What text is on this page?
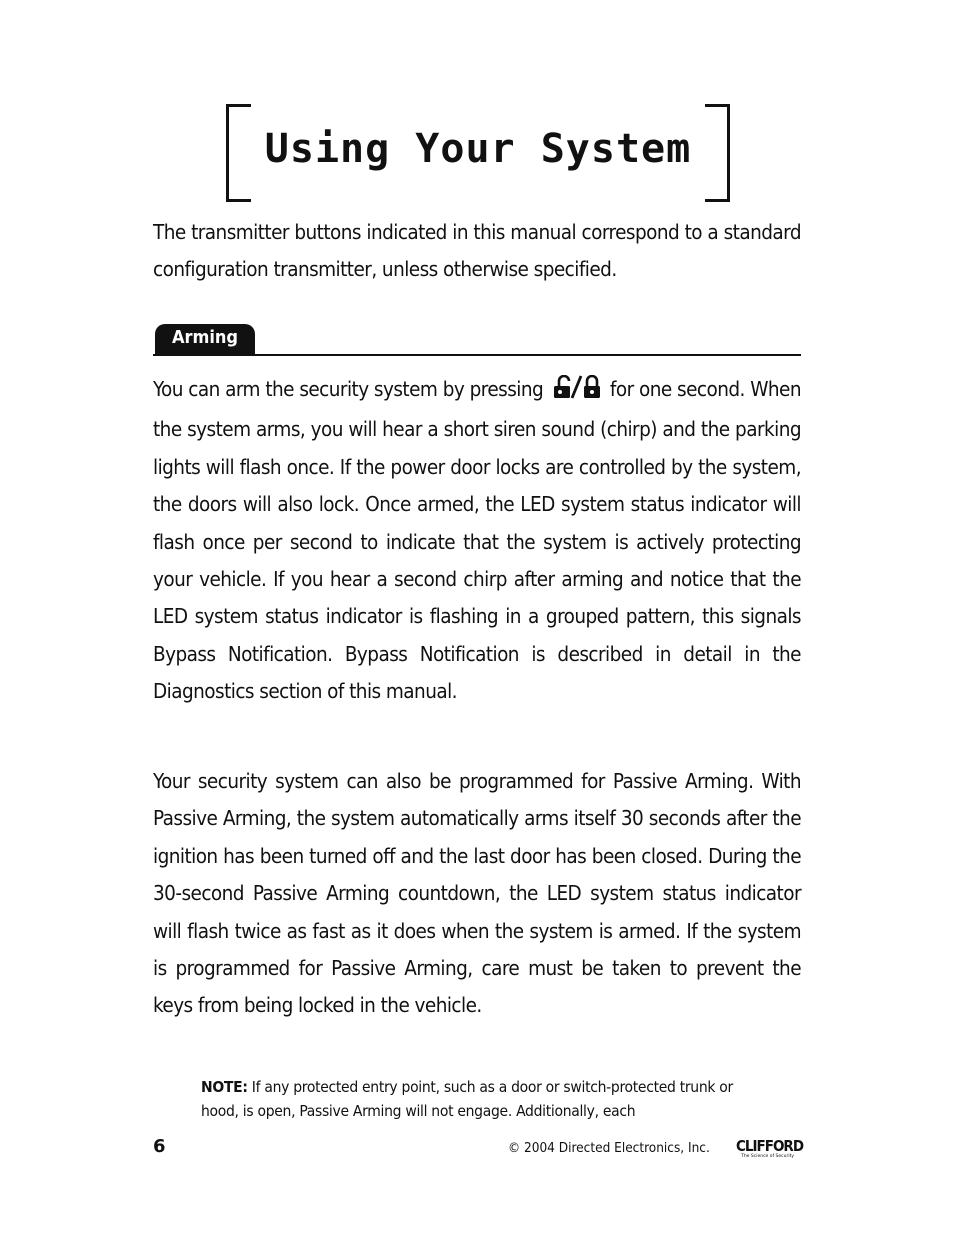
Using Your System

The transmitter buttons indicated in this manual correspond to a standard configuration transmitter, unless otherwise specified.

Arming

You can arm the security system by pressing	for one second. When the system arms, you will hear a short siren sound (chirp) and the parking lights will flash once. If the power door locks are controlled by the system, the doors will also lock. Once armed, the LED system status indicator will flash once per second to indicate that the system is actively protecting your vehicle. If you hear a second chirp after arming and notice that the LED system status indicator is flashing in a grouped pattern, this signals Bypass Notification. Bypass Notification is described in detail in the Diagnostics section of this manual.

Your security system can also be programmed for Passive Arming. With Passive Arming, the system automatically arms itself 30 seconds after the ignition has been turned off and the last door has been closed. During the 30-second Passive Arming countdown, the LED system status indicator will flash twice as fast as it does when the system is armed. If the system is programmed for Passive Arming, care must be taken to prevent the keys from being locked in the vehicle.

NOTE: If any protected entry point, such as a door or switch-protected trunk or hood, is open, Passive Arming will not engage. Additionally, each

6	© 2004 Directed Electronics, Inc. CLIFFORD
The Science of Security
